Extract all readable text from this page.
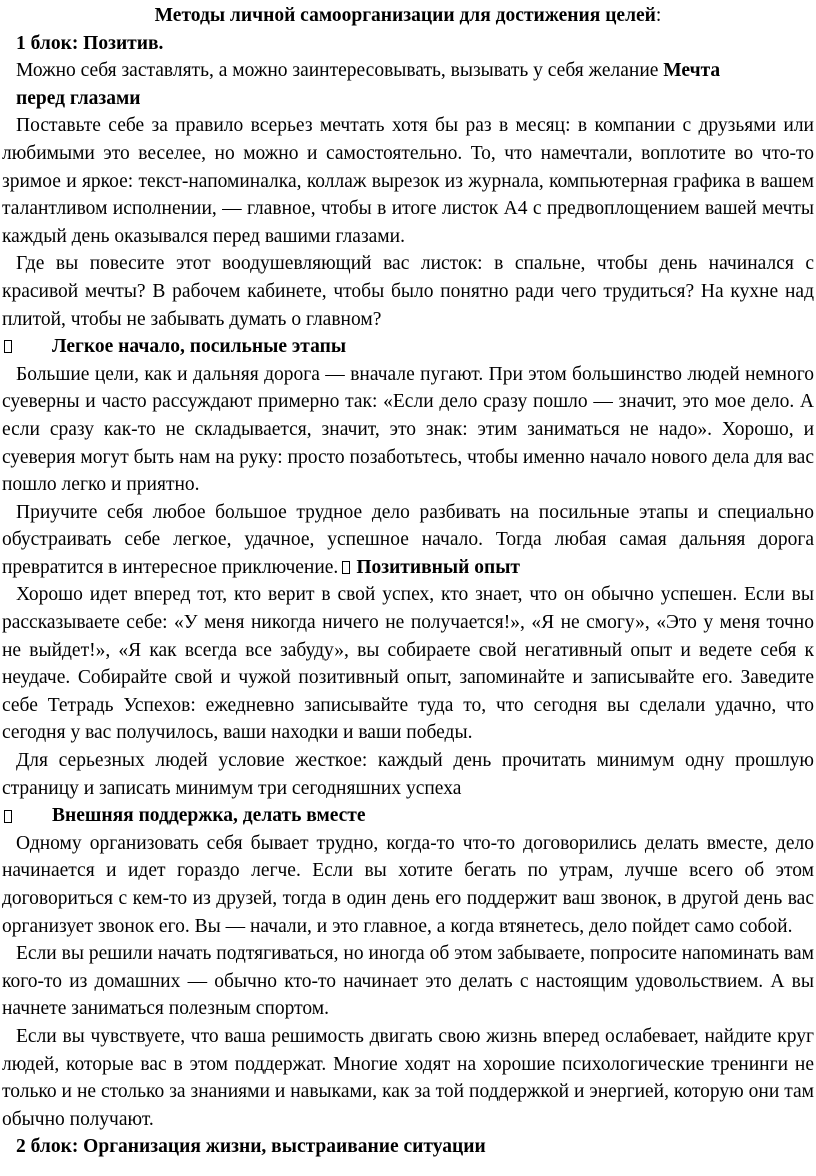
Методы личной самоорганизации для достижения целей:
1 блок: Позитив.
Можно себя заставлять, а можно заинтересовывать, вызывать у себя желание Мечта перед глазами
Поставьте себе за правило всерьез мечтать хотя бы раз в месяц: в компании с друзьями или любимыми это веселее, но можно и самостоятельно. То, что намечтали, воплотите во что-то зримое и яркое: текст-напоминалка, коллаж вырезок из журнала, компьютерная графика в вашем талантливом исполнении, — главное, чтобы в итоге листок А4 с предвоплощением вашей мечты каждый день оказывался перед вашими глазами.
Где вы повесите этот воодушевляющий вас листок: в спальне, чтобы день начинался с красивой мечты? В рабочем кабинете, чтобы было понятно ради чего трудиться? На кухне над плитой, чтобы не забывать думать о главном?
Легкое начало, посильные этапы
Большие цели, как и дальняя дорога — вначале пугают. При этом большинство людей немного суеверны и часто рассуждают примерно так: «Если дело сразу пошло — значит, это мое дело. А если сразу как-то не складывается, значит, это знак: этим заниматься не надо». Хорошо, и суеверия могут быть нам на руку: просто позаботьтесь, чтобы именно начало нового дела для вас пошло легко и приятно.
Приучите себя любое большое трудное дело разбивать на посильные этапы и специально обустраивать себе легкое, удачное, успешное начало. Тогда любая самая дальняя дорога превратится в интересное приключение. Позитивный опыт
Хорошо идет вперед тот, кто верит в свой успех, кто знает, что он обычно успешен. Если вы рассказываете себе: «У меня никогда ничего не получается!», «Я не смогу», «Это у меня точно не выйдет!», «Я как всегда все забуду», вы собираете свой негативный опыт и ведете себя к неудаче. Собирайте свой и чужой позитивный опыт, запоминайте и записывайте его. Заведите себе Тетрадь Успехов: ежедневно записывайте туда то, что сегодня вы сделали удачно, что сегодня у вас получилось, ваши находки и ваши победы.
Для серьезных людей условие жесткое: каждый день прочитать минимум одну прошлую страницу и записать минимум три сегодняшних успеха
Внешняя поддержка, делать вместе
Одному организовать себя бывает трудно, когда-то что-то договорились делать вместе, дело начинается и идет гораздо легче. Если вы хотите бегать по утрам, лучше всего об этом договориться с кем-то из друзей, тогда в один день его поддержит ваш звонок, в другой день вас организует звонок его. Вы — начали, и это главное, а когда втянетесь, дело пойдет само собой.
Если вы решили начать подтягиваться, но иногда об этом забываете, попросите напоминать вам кого-то из домашних — обычно кто-то начинает это делать с настоящим удовольствием. А вы начнете заниматься полезным спортом.
Если вы чувствуете, что ваша решимость двигать свою жизнь вперед ослабевает, найдите круг людей, которые вас в этом поддержат. Многие ходят на хорошие психологические тренинги не только и не столько за знаниями и навыками, как за той поддержкой и энергией, которую они там обычно получают.
2 блок: Организация жизни, выстраивание ситуации
